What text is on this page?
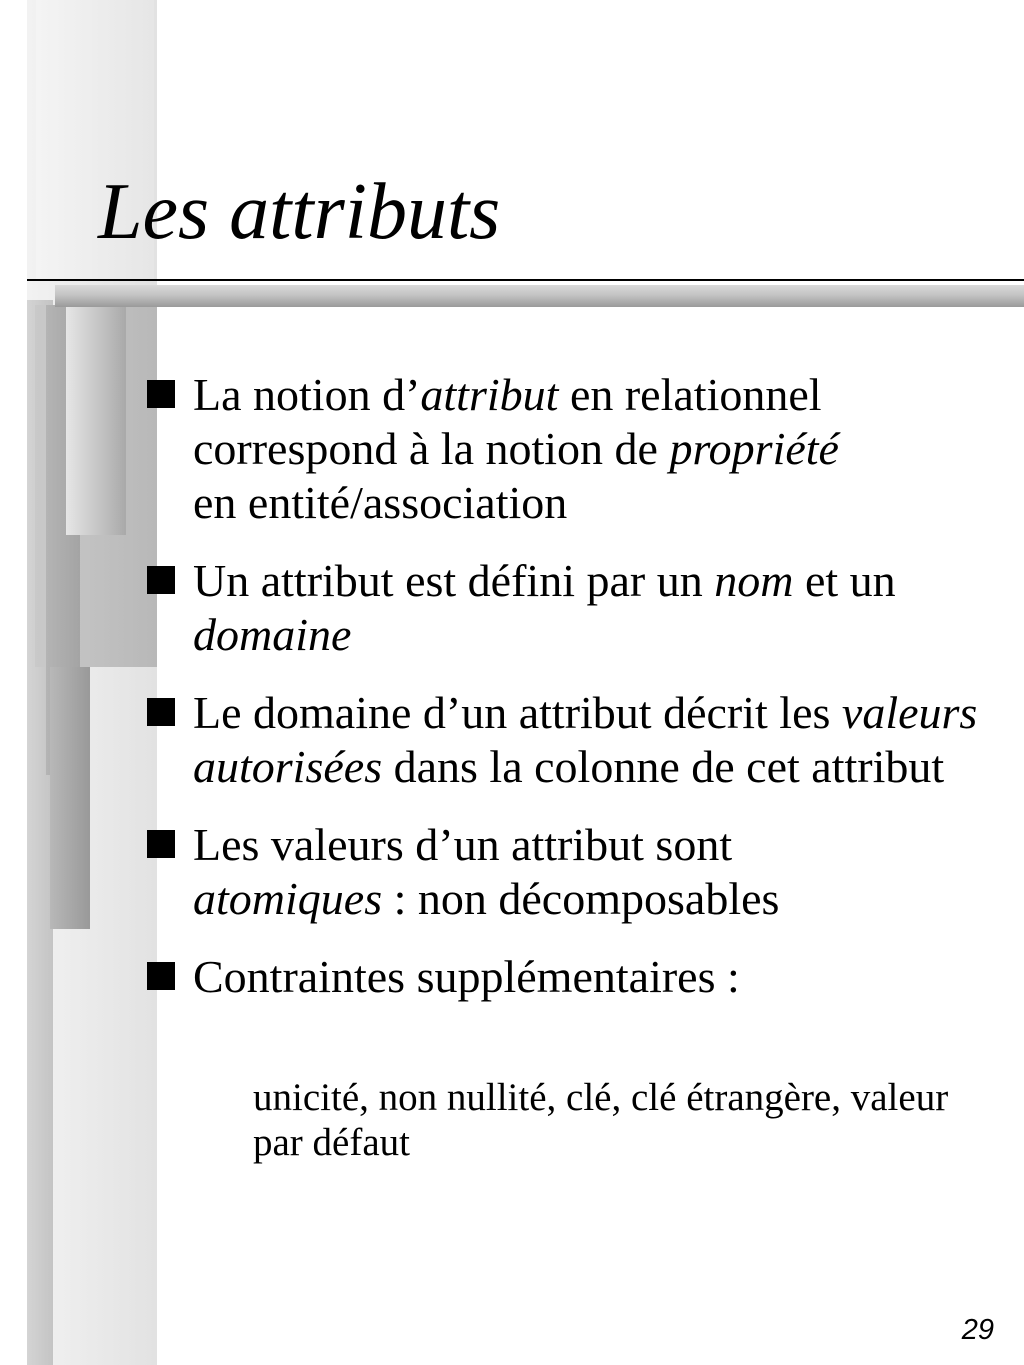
Les attributs
La notion d’attribut en relationnel correspond à la notion de propriété
en entité/association
Un attribut est défini par un nom et un domaine
Le domaine d’un attribut décrit les valeurs autorisées dans la colonne de cet attribut
Les valeurs d’un attribut sont
atomiques : non décomposables
Contraintes supplémentaires :
unicité, non nullité, clé, clé étrangère, valeur par défaut
29
